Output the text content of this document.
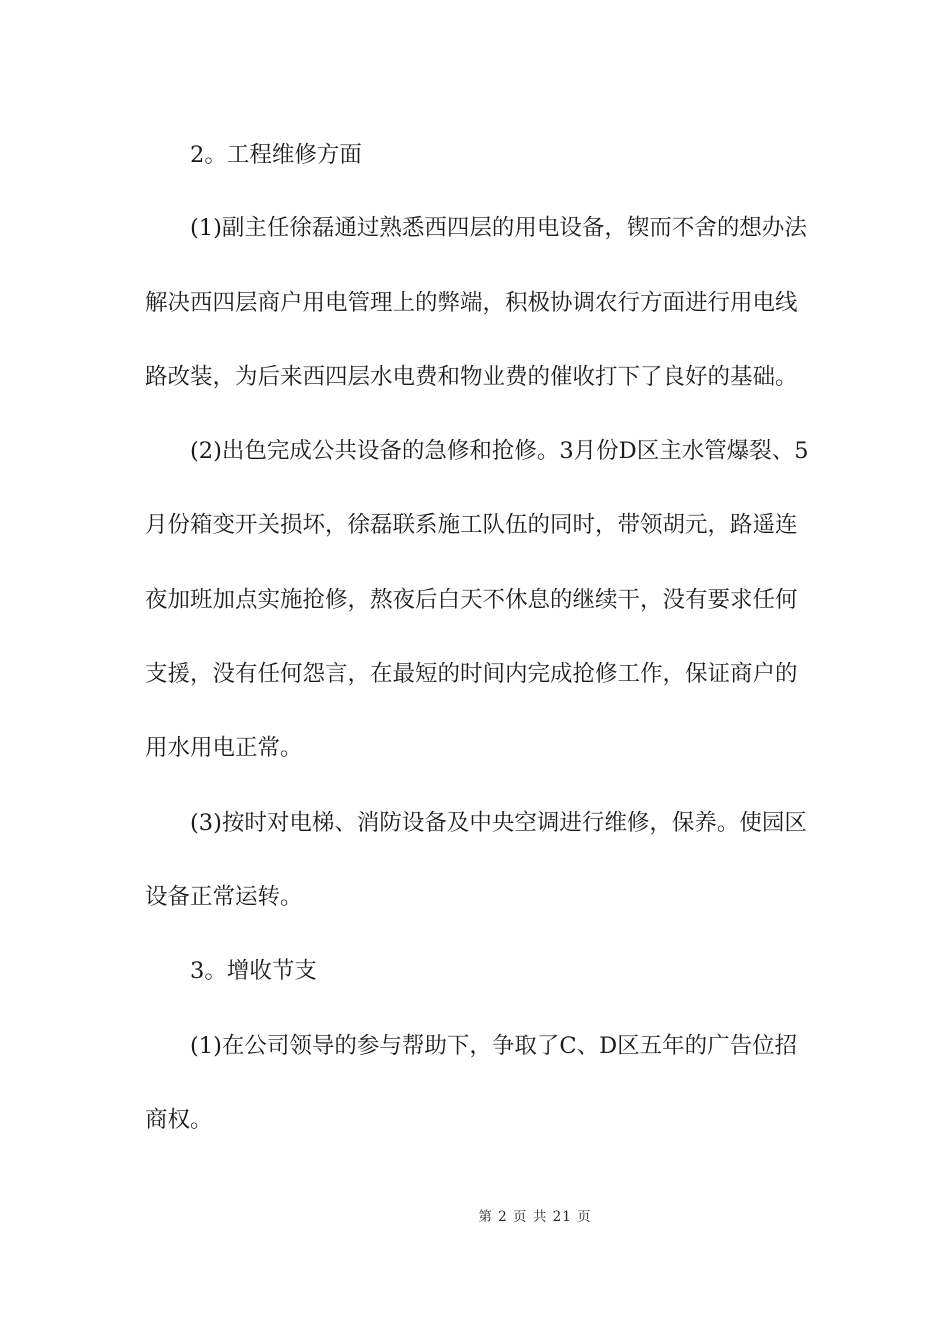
2。工程维修方面
(1)副主任徐磊通过熟悉西四层的用电设备，锲而不舍的想办法
解决西四层商户用电管理上的弊端，积极协调农行方面进行用电线
路改装，为后来西四层水电费和物业费的催收打下了良好的基础。
(2)出色完成公共设备的急修和抢修。3月份D区主水管爆裂、5
月份箱变开关损坏，徐磊联系施工队伍的同时，带领胡元，路遥连
夜加班加点实施抢修，熬夜后白天不休息的继续干，没有要求任何
支援，没有任何怨言，在最短的时间内完成抢修工作，保证商户的
用水用电正常。
(3)按时对电梯、消防设备及中央空调进行维修，保养。使园区
设备正常运转。
3。增收节支
(1)在公司领导的参与帮助下，争取了C、D区五年的广告位招
商权。
第 2 页 共 21 页
